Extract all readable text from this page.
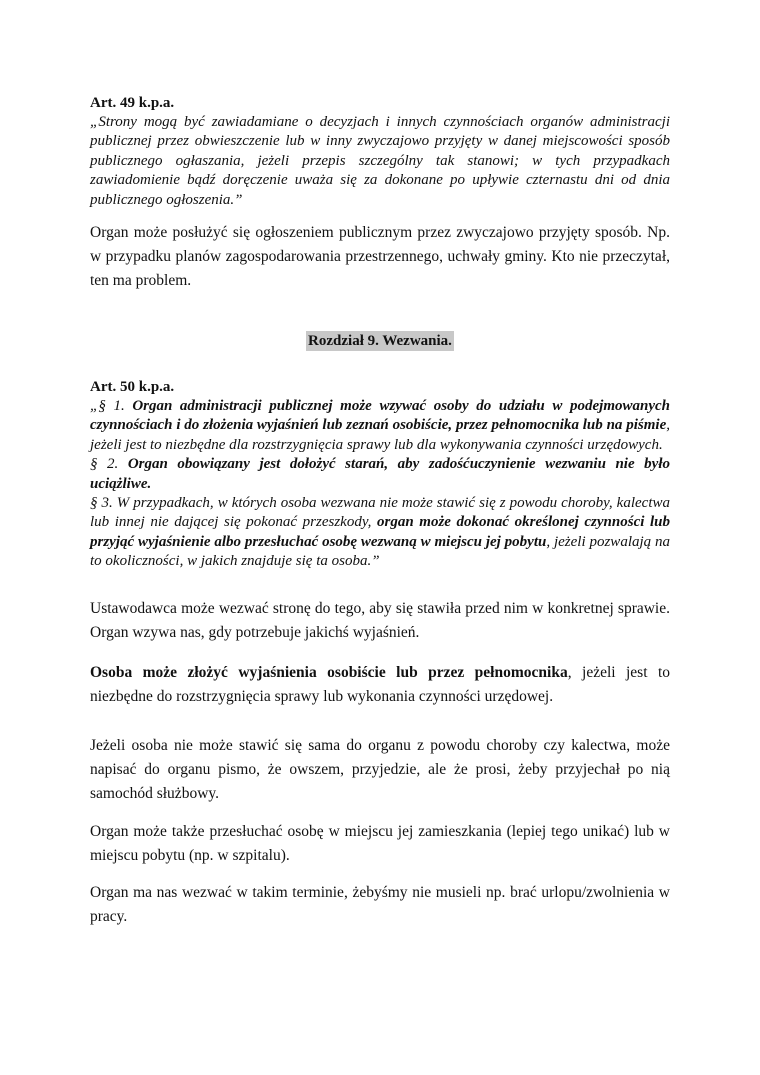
Art. 49 k.p.a.

„Strony mogą być zawiadamiane o decyzjach i innych czynnościach organów administracji publicznej przez obwieszczenie lub w inny zwyczajowo przyjęty w danej miejscowości sposób publicznego ogłaszania, jeżeli przepis szczególny tak stanowi; w tych przypadkach zawiadomienie bądź doręczenie uważa się za dokonane po upływie czternastu dni od dnia publicznego ogłoszenia.”

Organ może posłużyć się ogłoszeniem publicznym przez zwyczajowo przyjęty sposób. Np. w przypadku planów zagospodarowania przestrzennego, uchwały gminy. Kto nie przeczytał, ten ma problem.

Rozdział 9. Wezwania.

Art. 50 k.p.a.

„§ 1. Organ administracji publicznej może wzywać osoby do udziału w podejmowanych czynnościach i do złożenia wyjaśnień lub zeznań osobiście, przez pełnomocnika lub na piśmie, jeżeli jest to niezbędne dla rozstrzygnięcia sprawy lub dla wykonywania czynności urzędowych.

§ 2. Organ obowiązany jest dołożyć starań, aby zadośćuczynienie wezwaniu nie było uciążliwe.

§ 3. W przypadkach, w których osoba wezwana nie może stawić się z powodu choroby, kalectwa lub innej nie dającej się pokonać przeszkody, organ może dokonać określonej czynności lub przyjąć wyjaśnienie albo przesłuchać osobę wezwaną w miejscu jej pobytu, jeżeli pozwalają na to okoliczności, w jakich znajduje się ta osoba.”

Ustawodawca może wezwać stronę do tego, aby się stawiła przed nim w konkretnej sprawie. Organ wzywa nas, gdy potrzebuje jakichś wyjaśnień.

Osoba może złożyć wyjaśnienia osobiście lub przez pełnomocnika, jeżeli jest to niezbędne do rozstrzygnięcia sprawy lub wykonania czynności urzędowej.

Jeżeli osoba nie może stawić się sama do organu z powodu choroby czy kalectwa, może napisać do organu pismo, że owszem, przyjedzie, ale że prosi, żeby przyjechał po nią samochód służbowy.

Organ może także przesłuchać osobę w miejscu jej zamieszkania (lepiej tego unikać) lub w miejscu pobytu (np. w szpitalu).

Organ ma nas wezwać w takim terminie, żebyśmy nie musieli np. brać urlopu/zwolnienia w pracy.
